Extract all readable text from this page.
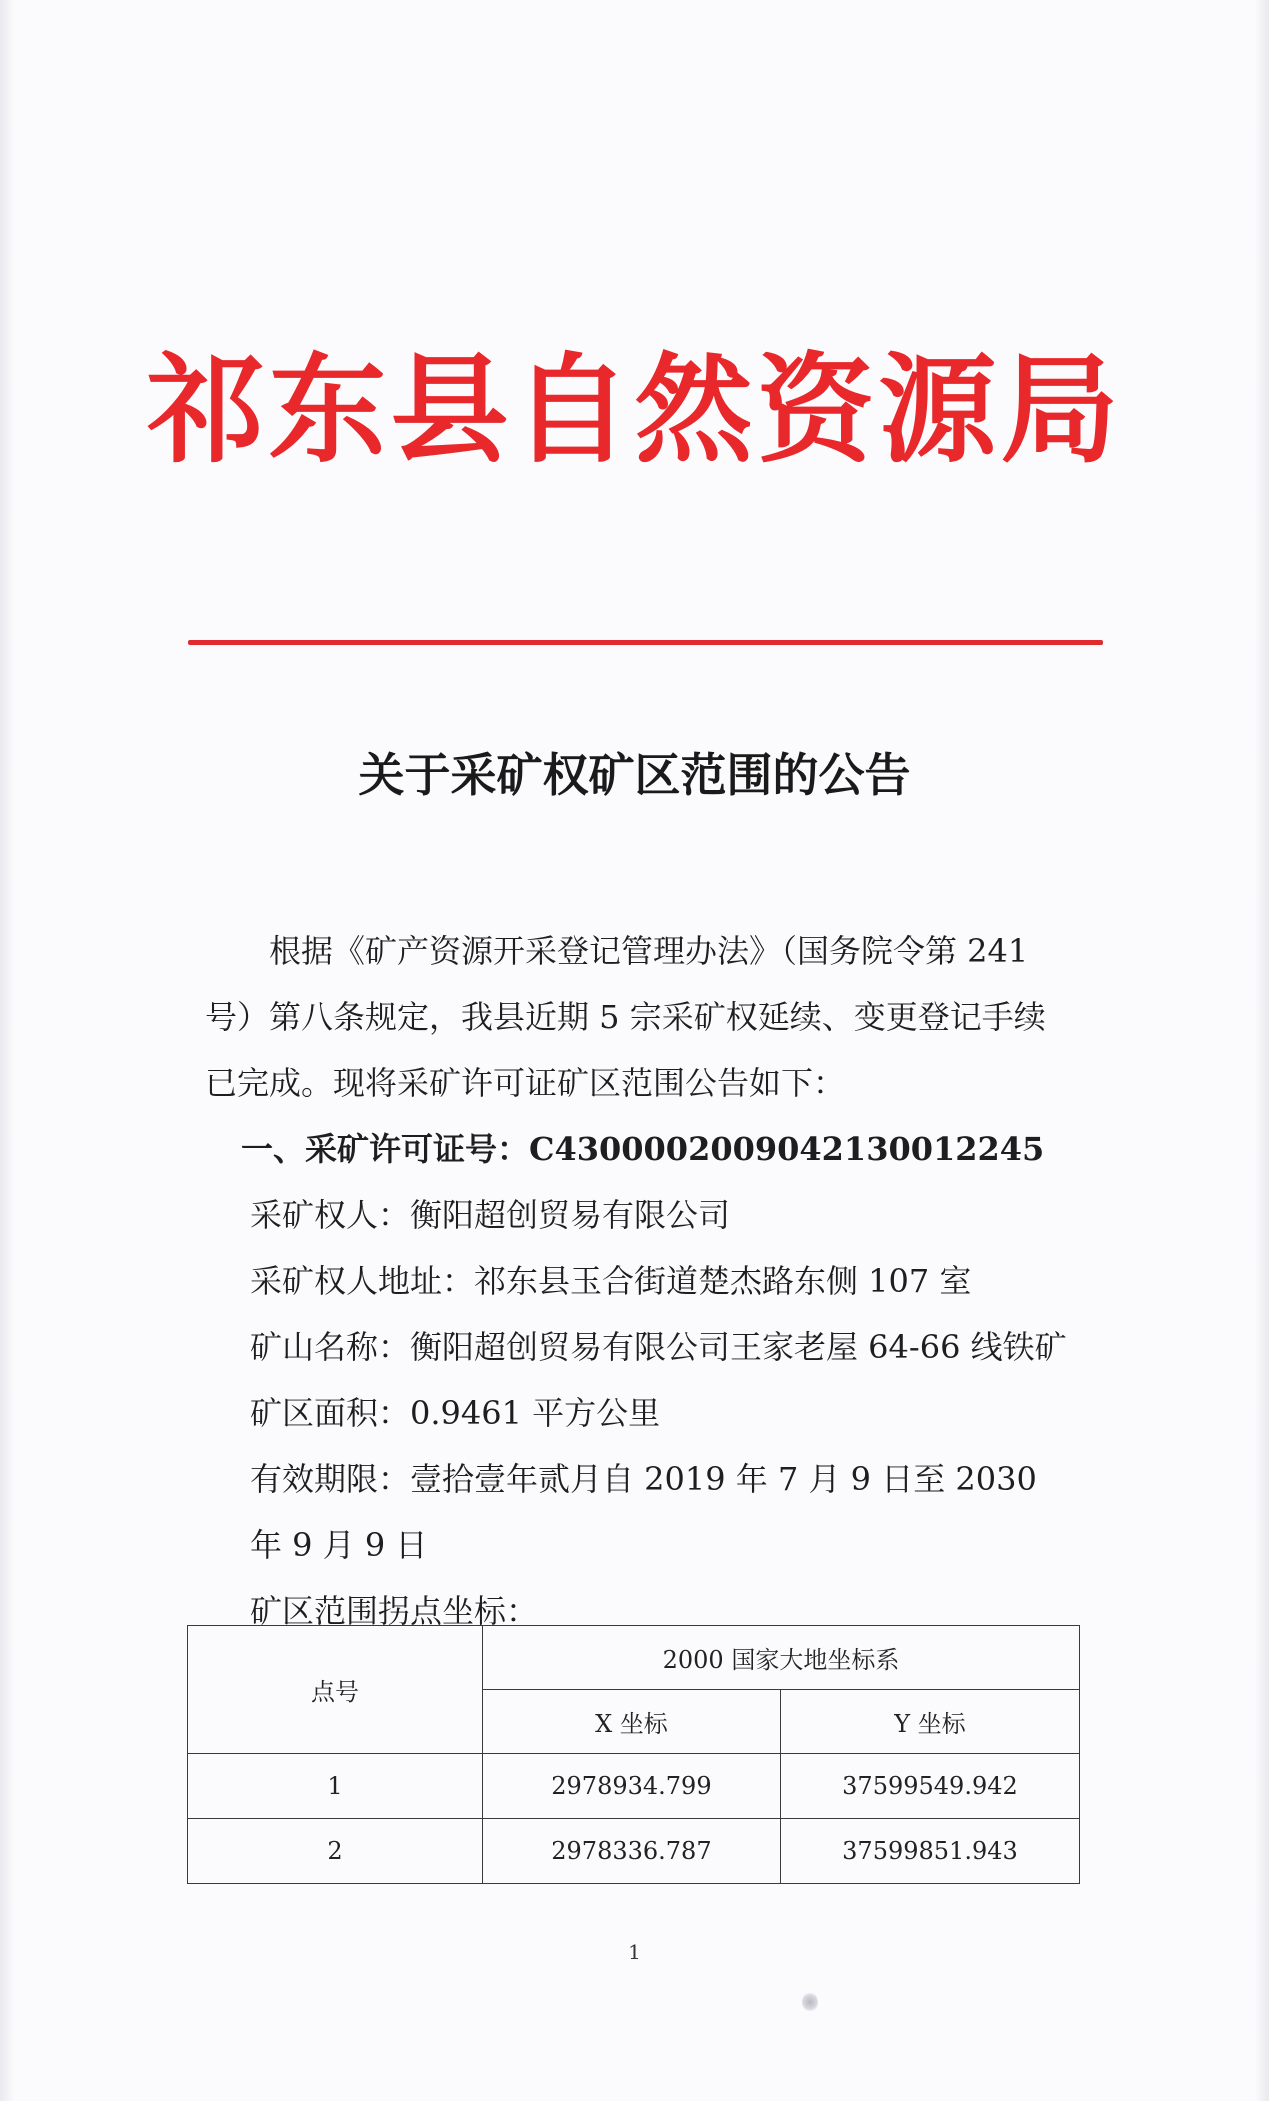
祁东县自然资源局
关于采矿权矿区范围的公告

根据《矿产资源开采登记管理办法》（国务院令第 241 号）第八条规定，我县近期 5 宗采矿权延续、变更登记手续已完成。现将采矿许可证矿区范围公告如下：

一、采矿许可证号：C4300002009042130012245

采矿权人：衡阳超创贸易有限公司

采矿权人地址：祁东县玉合街道楚杰路东侧 107 室

矿山名称：衡阳超创贸易有限公司王家老屋 64-66 线铁矿

矿区面积：0.9461 平方公里

有效期限：壹拾壹年贰月自 2019 年 7 月 9 日至 2030 年 9 月 9 日

矿区范围拐点坐标：

点号	2000 国家大地坐标系	
	X 坐标	Y 坐标
1	2978934.799	37599549.942
2	2978336.787	37599851.943
1
